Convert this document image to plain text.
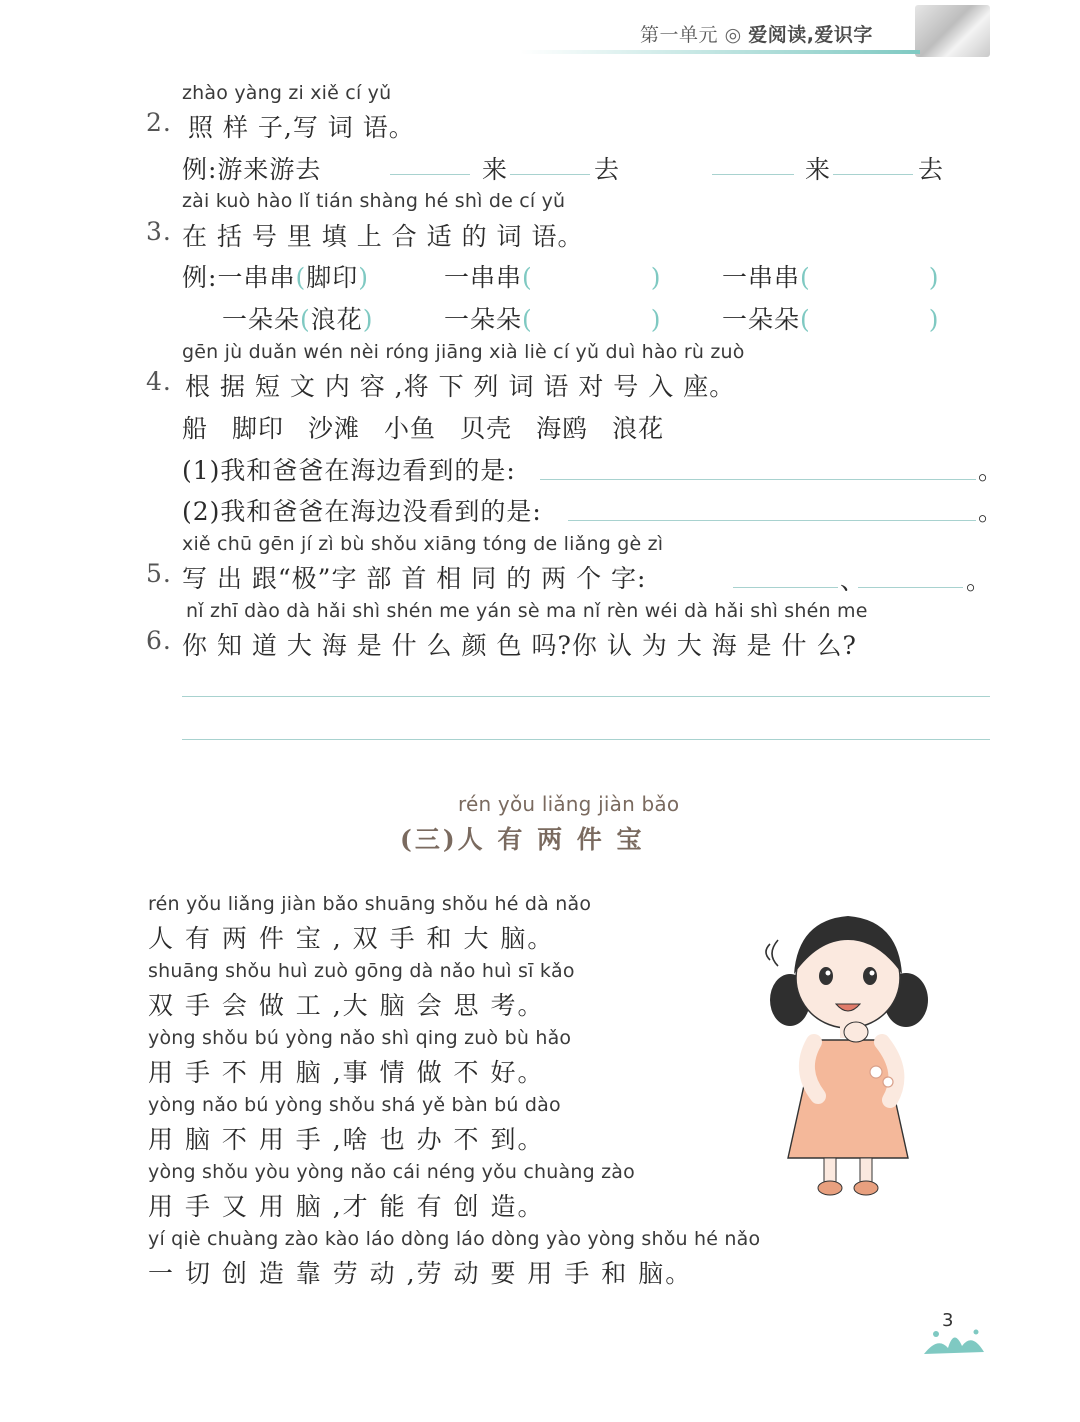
第一单元 ◎ 爱阅读,爱识字
zhào yàng zi xiě cí yǔ
2. 照 样 子,写 词 语。
例:游来游去	来	去	来	去
zài kuò hào lǐ tián shàng hé shì de cí yǔ
3. 在 括 号 里 填 上 合 适 的 词 语。
例:一串串(脚印)	一串串(	) 一串串(	)
一朵朵(浪花)	一朵朵(	) 一朵朵(	)
gēn jù duǎn wén nèi róng jiāng xià liè cí yǔ duì hào rù zuò
4. 根 据 短 文 内 容 ,将 下 列 词 语 对 号 入 座。
船 脚印 沙滩 小鱼 贝壳 海鸥 浪花
(1)我和爸爸在海边看到的是:	。
(2)我和爸爸在海边没看到的是:	。
xiě chū gēn jí zì bù shǒu xiāng tóng de liǎng gè zì
5. 写 出 跟“极”字 部 首 相 同 的 两 个 字:	、	。
nǐ zhī dào dà hǎi shì shén me yán sè ma nǐ rèn wéi dà hǎi shì shén me
6. 你 知 道 大 海 是 什 么 颜 色 吗?你 认 为 大 海 是 什 么?
rén yǒu liǎng jiàn bǎo
(三)人 有 两 件 宝
rén yǒu liǎng jiàn bǎo shuāng shǒu hé dà nǎo
人 有 两 件 宝 , 双 手 和 大 脑。
shuāng shǒu huì zuò gōng dà nǎo huì sī kǎo
双 手 会 做 工 ,大 脑 会 思 考。
yòng shǒu bú yòng nǎo shì qing zuò bù hǎo
用 手 不 用 脑 ,事 情 做 不 好。
yòng nǎo bú yòng shǒu shá yě bàn bú dào
用 脑 不 用 手 ,啥 也 办 不 到。
yòng shǒu yòu yòng nǎo cái néng yǒu chuàng zào
用 手 又 用 脑 ,才 能 有 创 造。
yí qiè chuàng zào kào láo dòng láo dòng yào yòng shǒu hé nǎo
一 切 创 造 靠 劳 动 ,劳 动 要 用 手 和 脑。
3
